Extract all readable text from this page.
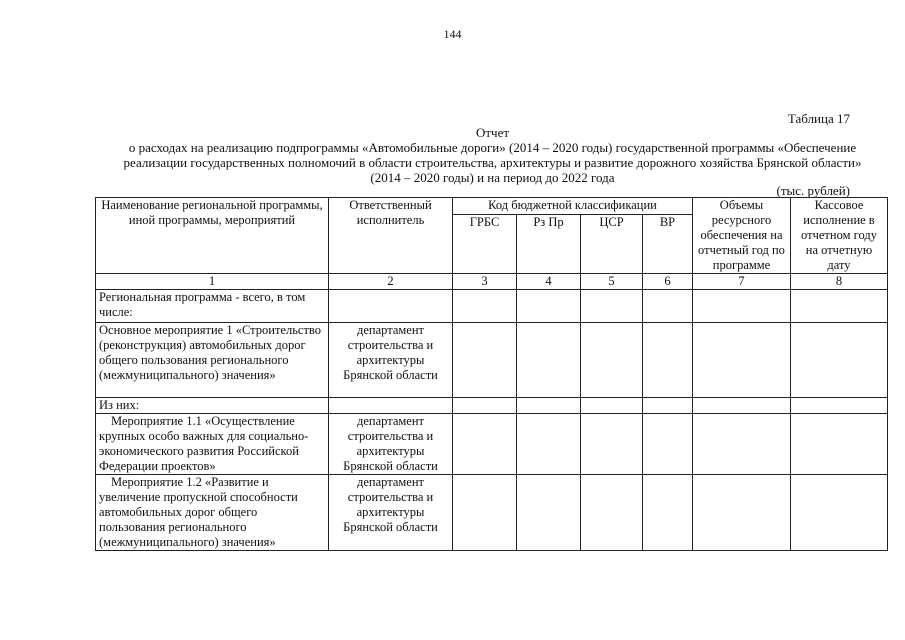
144
Таблица 17
Отчет
о расходах на реализацию подпрограммы «Автомобильные дороги» (2014 – 2020 годы) государственной программы «Обеспечение
реализации государственных полномочий в области строительства, архитектуры и развитие дорожного хозяйства Брянской области»
(2014 – 2020 годы) и на период до 2022 года
(тыс. рублей)
Наименование региональной программы, иной программы, мероприятий	Ответственный исполнитель	Код бюджетной классификации				Объемы ресурсного обеспечения на отчетный год по программе	Кассовое исполнение в отчетном году на отчетную дату
		ГРБС	Рз Пр	ЦСР	ВР		
1	2	3	4	5	6	7	8
Региональная программа - всего, в том числе:							
Основное мероприятие 1 «Строительство (реконструкция) автомобильных дорог общего пользования регионального (межмуниципального) значения»	департамент строительства и архитектуры Брянской области						
Из них:							
Мероприятие 1.1 «Осуществление крупных особо важных для социально-экономического развития Российской Федерации проектов»	департамент строительства и архитектуры Брянской области						
Мероприятие 1.2 «Развитие и увеличение пропускной способности автомобильных дорог общего пользования регионального (межмуниципального) значения»	департамент строительства и архитектуры Брянской области						
